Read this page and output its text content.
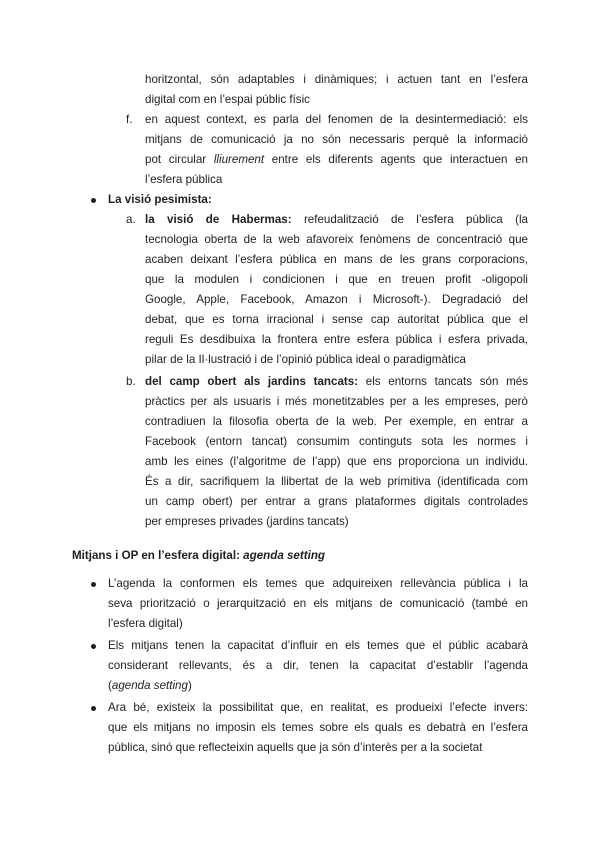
horitzontal, són adaptables i dinàmiques; i actuen tant en l’esfera
digital com en l’espai públic físic
f. en aquest context, es parla del fenomen de la desintermediació: els
mitjans de comunicació ja no són necessaris perquè la informació
pot circular lliurement entre els diferents agents que interactuen en
l’esfera pública
La visió pesimista:
a. la visió de Habermas: refeudalització de l’esfera pública (la
tecnologia oberta de la web afavoreix fenòmens de concentració que
acaben deixant l’esfera pública en mans de les grans corporacions,
que la modulen i condicionen i que en treuen profit -oligopoli
Google, Apple, Facebook, Amazon i Microsoft-). Degradació del
debat, que es torna irracional i sense cap autoritat pública que el
reguli Es desdibuixa la frontera entre esfera pública i esfera privada,
pilar de la Il·lustració i de l’opinió pública ideal o paradigmàtica
b. del camp obert als jardins tancats: els entorns tancats són més
pràctics per als usuaris i més monetitzables per a les empreses, però
contradiuen la filosofia oberta de la web. Per exemple, en entrar a
Facebook (entorn tancat) consumim continguts sota les normes i
amb les eines (l’algoritme de l’app) que ens proporciona un individu.
És a dir, sacrifiquem la llibertat de la web primitiva (identificada com
un camp obert) per entrar a grans plataformes digitals controlades
per empreses privades (jardins tancats)
Mitjans i OP en l’esfera digital: agenda setting
L’agenda la conformen els temes que adquireixen rellevància pública i la
seva priorització o jerarquització en els mitjans de comunicació (també en
l’esfera digital)
Els mitjans tenen la capacitat d’influir en els temes que el públic acabarà
considerant rellevants, és a dir, tenen la capacitat d’establir l’agenda
(agenda setting)
Ara bé, existeix la possibilitat que, en realitat, es produeixi l’efecte invers:
que els mitjans no imposin els temes sobre els quals es debatrà en l’esfera
pública, sinó que reflecteixin aquells que ja són d’interès per a la societat
